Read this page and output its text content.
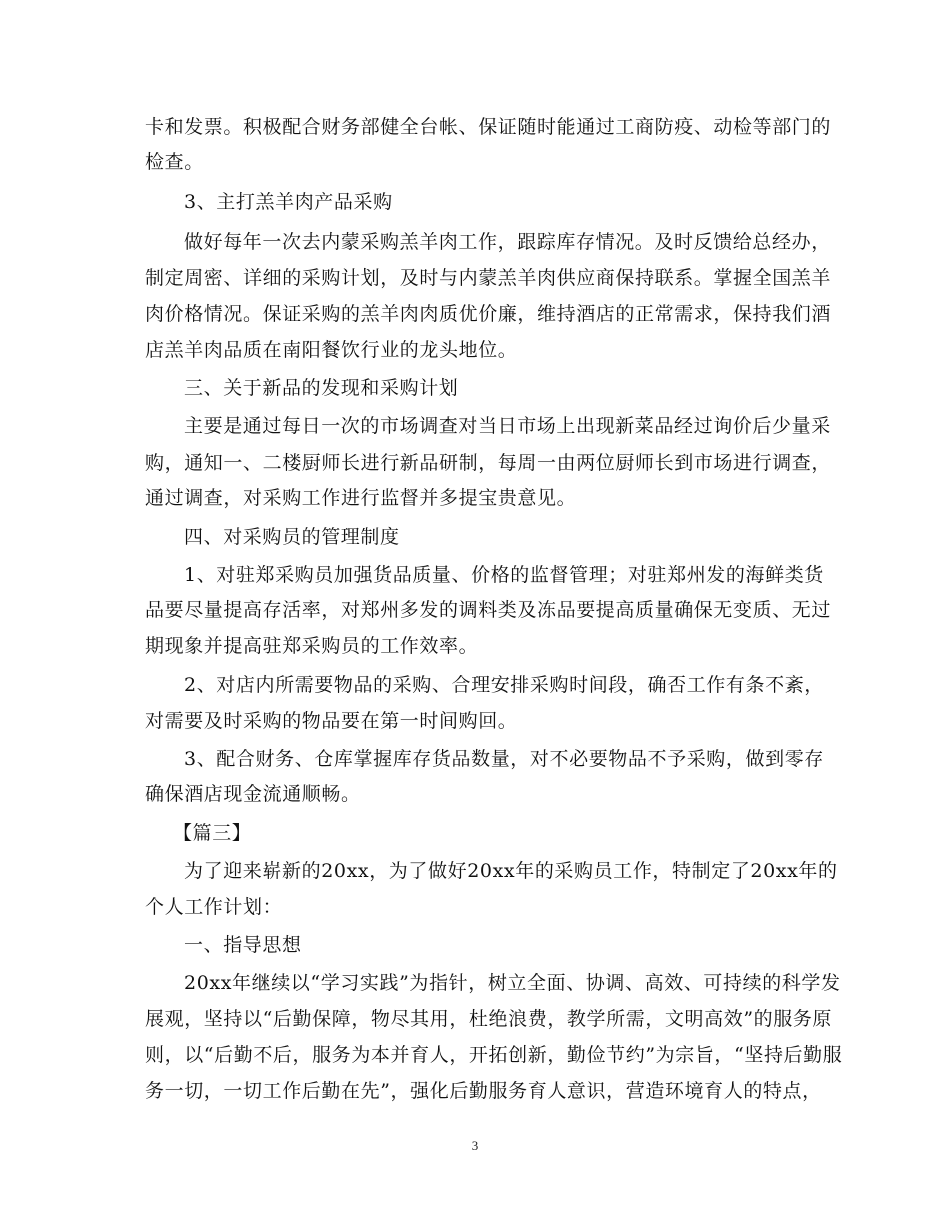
卡和发票。积极配合财务部健全台帐、保证随时能通过工商防疫、动检等部门的
检查。
3、主打羔羊肉产品采购
做好每年一次去内蒙采购羔羊肉工作，跟踪库存情况。及时反馈给总经办，
制定周密、详细的采购计划，及时与内蒙羔羊肉供应商保持联系。掌握全国羔羊
肉价格情况。保证采购的羔羊肉肉质优价廉，维持酒店的正常需求，保持我们酒
店羔羊肉品质在南阳餐饮行业的龙头地位。
三、关于新品的发现和采购计划
主要是通过每日一次的市场调查对当日市场上出现新菜品经过询价后少量采
购，通知一、二楼厨师长进行新品研制，每周一由两位厨师长到市场进行调查，
通过调查，对采购工作进行监督并多提宝贵意见。
四、对采购员的管理制度
1、对驻郑采购员加强货品质量、价格的监督管理；对驻郑州发的海鲜类货
品要尽量提高存活率，对郑州多发的调料类及冻品要提高质量确保无变质、无过
期现象并提高驻郑采购员的工作效率。
2、对店内所需要物品的采购、合理安排采购时间段，确否工作有条不紊，
对需要及时采购的物品要在第一时间购回。
3、配合财务、仓库掌握库存货品数量，对不必要物品不予采购，做到零存
确保酒店现金流通顺畅。
【篇三】
为了迎来崭新的20xx，为了做好20xx年的采购员工作，特制定了20xx年的
个人工作计划：
一、指导思想
20xx年继续以“学习实践”为指针，树立全面、协调、高效、可持续的科学发
展观，坚持以“后勤保障，物尽其用，杜绝浪费，教学所需，文明高效”的服务原
则，以“后勤不后，服务为本并育人，开拓创新，勤俭节约”为宗旨，“坚持后勤服
务一切，一切工作后勤在先”，强化后勤服务育人意识，营造环境育人的特点，
3
